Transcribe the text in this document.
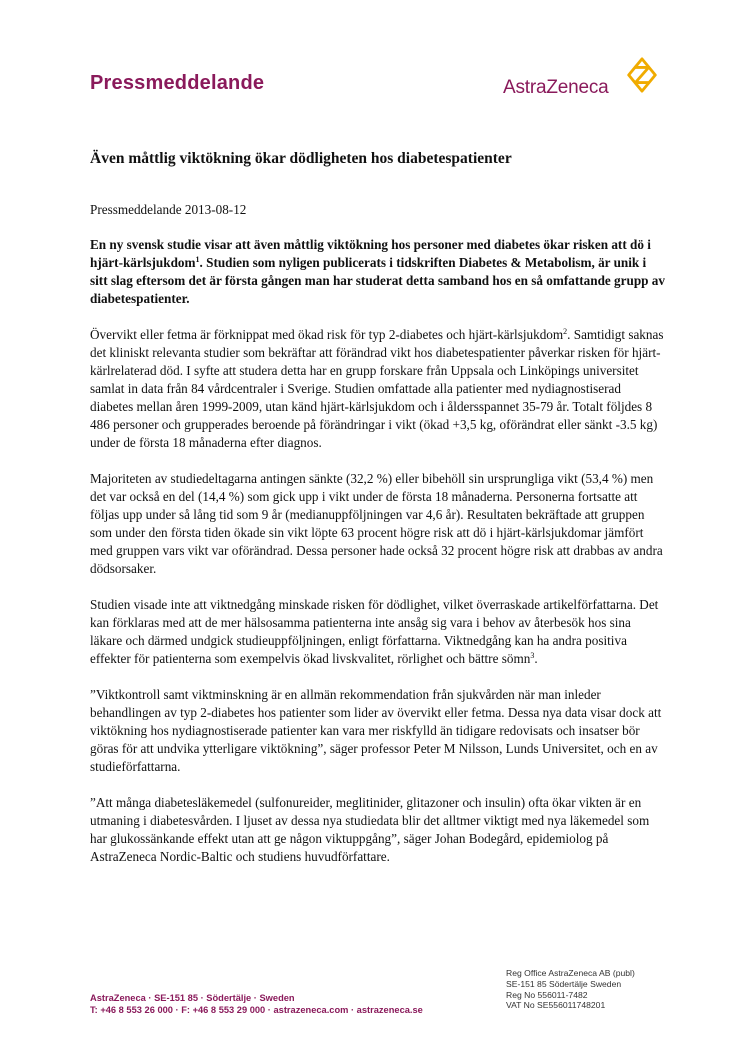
Pressmeddelande	AstraZeneca
Även måttlig viktökning ökar dödligheten hos diabetespatienter
Pressmeddelande 2013-08-12

En ny svensk studie visar att även måttlig viktökning hos personer med diabetes ökar risken att dö i hjärt-kärlsjukdom$^1$. Studien som nyligen publicerats i tidskriften Diabetes & Metabolism, är unik i sitt slag eftersom det är första gången man har studerat detta samband hos en så omfattande grupp av diabetespatienter.

Övervikt eller fetma är förknippat med ökad risk för typ 2-diabetes och hjärt-kärlsjukdom$^2$. Samtidigt saknas det kliniskt relevanta studier som bekräftar att förändrad vikt hos diabetespatienter påverkar risken för hjärt-kärlrelaterad död. I syfte att studera detta har en grupp forskare från Uppsala och Linköpings universitet samlat in data från 84 vårdcentraler i Sverige. Studien omfattade alla patienter med nydiagnostiserad diabetes mellan åren 1999-2009, utan känd hjärt-kärlsjukdom och i åldersspannet 35-79 år. Totalt följdes 8 486 personer och grupperades beroende på förändringar i vikt (ökad +3,5 kg, oförändrat eller sänkt -3.5 kg) under de första 18 månaderna efter diagnos.

Majoriteten av studiedeltagarna antingen sänkte (32,2 %) eller bibehöll sin ursprungliga vikt (53,4 %) men det var också en del (14,4 %) som gick upp i vikt under de första 18 månaderna. Personerna fortsatte att följas upp under så lång tid som 9 år (medianuppföljningen var 4,6 år). Resultaten bekräftade att gruppen som under den första tiden ökade sin vikt löpte 63 procent högre risk att dö i hjärt-kärlsjukdomar jämfört med gruppen vars vikt var oförändrad. Dessa personer hade också 32 procent högre risk att drabbas av andra dödsorsaker.

Studien visade inte att viktnedgång minskade risken för dödlighet, vilket överraskade artikelförfattarna. Det kan förklaras med att de mer hälsosamma patienterna inte ansåg sig vara i behov av återbesök hos sina läkare och därmed undgick studieuppföljningen, enligt författarna. Viktnedgång kan ha andra positiva effekter för patienterna som exempelvis ökad livskvalitet, rörlighet och bättre sömn$^3$.

”Viktkontroll samt viktminskning är en allmän rekommendation från sjukvården när man inleder behandlingen av typ 2-diabetes hos patienter som lider av övervikt eller fetma. Dessa nya data visar dock att viktökning hos nydiagnostiserade patienter kan vara mer riskfylld än tidigare redovisats och insatser bör göras för att undvika ytterligare viktökning”, säger professor Peter M Nilsson, Lunds Universitet, och en av studieförfattarna.

”Att många diabetesläkemedel (sulfonureider, meglitinider, glitazoner och insulin) ofta ökar vikten är en utmaning i diabetesvården. I ljuset av dessa nya studiedata blir det alltmer viktigt med nya läkemedel som har glukossänkande effekt utan att ge någon viktuppgång”, säger Johan Bodegård, epidemiolog på AstraZeneca Nordic-Baltic och studiens huvudförfattare.

AstraZeneca · SE-151 85 · Södertälje · Sweden
T: +46 8 553 26 000 · F: +46 8 553 29 000 · astrazeneca.com · astrazeneca.se
Reg Office AstraZeneca AB (publ)
SE-151 85 Södertälje Sweden
Reg No 556011-7482
VAT No SE556011748201
